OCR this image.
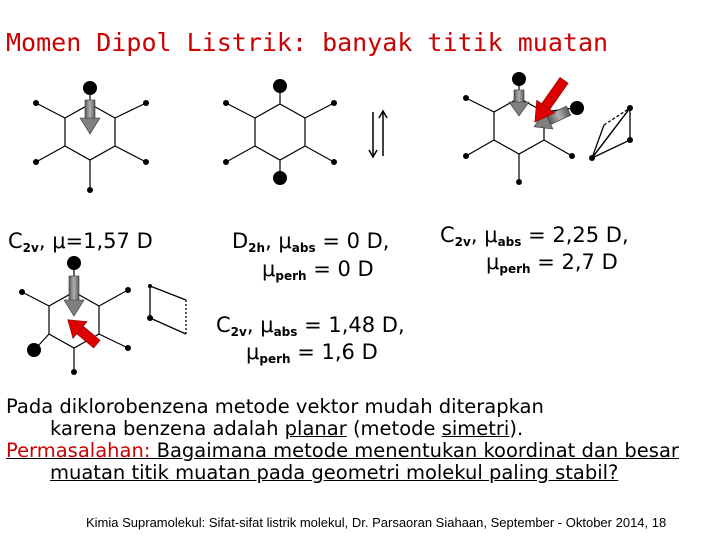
Momen Dipol Listrik: banyak titik muatan
$C_{2v}$, μ=1,57 D	$D_{2h}$, $\mu_{abs} = 0$ D,
$\mu_{perh} = 0$ D
$C_{2v}$, $\mu_{abs} = 2,25$ D,
$\mu_{perh} = 2,7$ D
$C_{2v}$, $\mu_{abs} = 1,48$ D,
$\mu_{perh} = 1,6$ D
Pada diklorobenzena metode vektor mudah diterapkan
karena benzena adalah planar (metode simetri).
Permasalahan: Bagaimana metode menentukan koordinat dan besar muatan titik muatan pada geometri molekul paling stabil?
Kimia Supramolekul: Sifat-sifat listrik molekul, Dr. Parsaoran Siahaan, September - Oktober 2014, 18
